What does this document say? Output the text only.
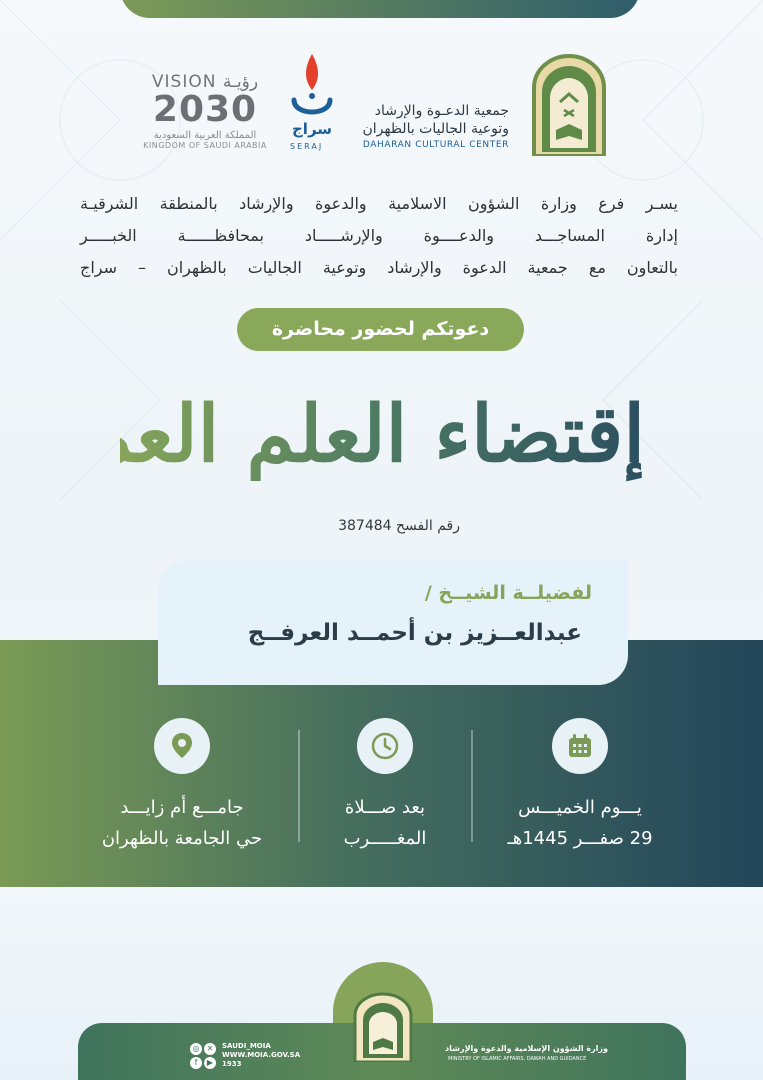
VISION رؤيـة
2030
المملكة العربية السعودية
KINGDOM OF SAUDI ARABIA
سراج
SERAJ
جمعية الدعـوة والإرشاد
وتوعية الجاليات بالظهران
DAHARAN CULTURAL CENTER

يسـر فرع وزارة الشؤون الاسلامية والدعوة والإرشاد بالمنطقة الشرقيـة

إدارة المساجـــد والدعــــوة والإرشـــــاد بمحافظــــــة الخبـــــر

بالتعاون مع جمعية الدعوة والإرشاد وتوعية الجاليات بالظهران – سراج

دعوتكم لحضور محاضرة
إقتضاء العلم العمل
رقم الفسح 387484
لفضيلــة الشيــخ /
عبدالعــزيز بن أحمــد العرفــج
يـــوم الخميـــس
29 صفـــر 1445هـ
بعد صـــلاة
المغـــــرب
جامـــع أم زايـــد
حي الجامعة بالظهران
◎ ✕
f	▶
SAUDI_MOIA
WWW.MOIA.GOV.SA
1933
وزارة الشؤون الإسلامية والدعوة والإرشاد
MINISTRY OF ISLAMIC AFFAIRS, DAWAH AND GUIDANCE
